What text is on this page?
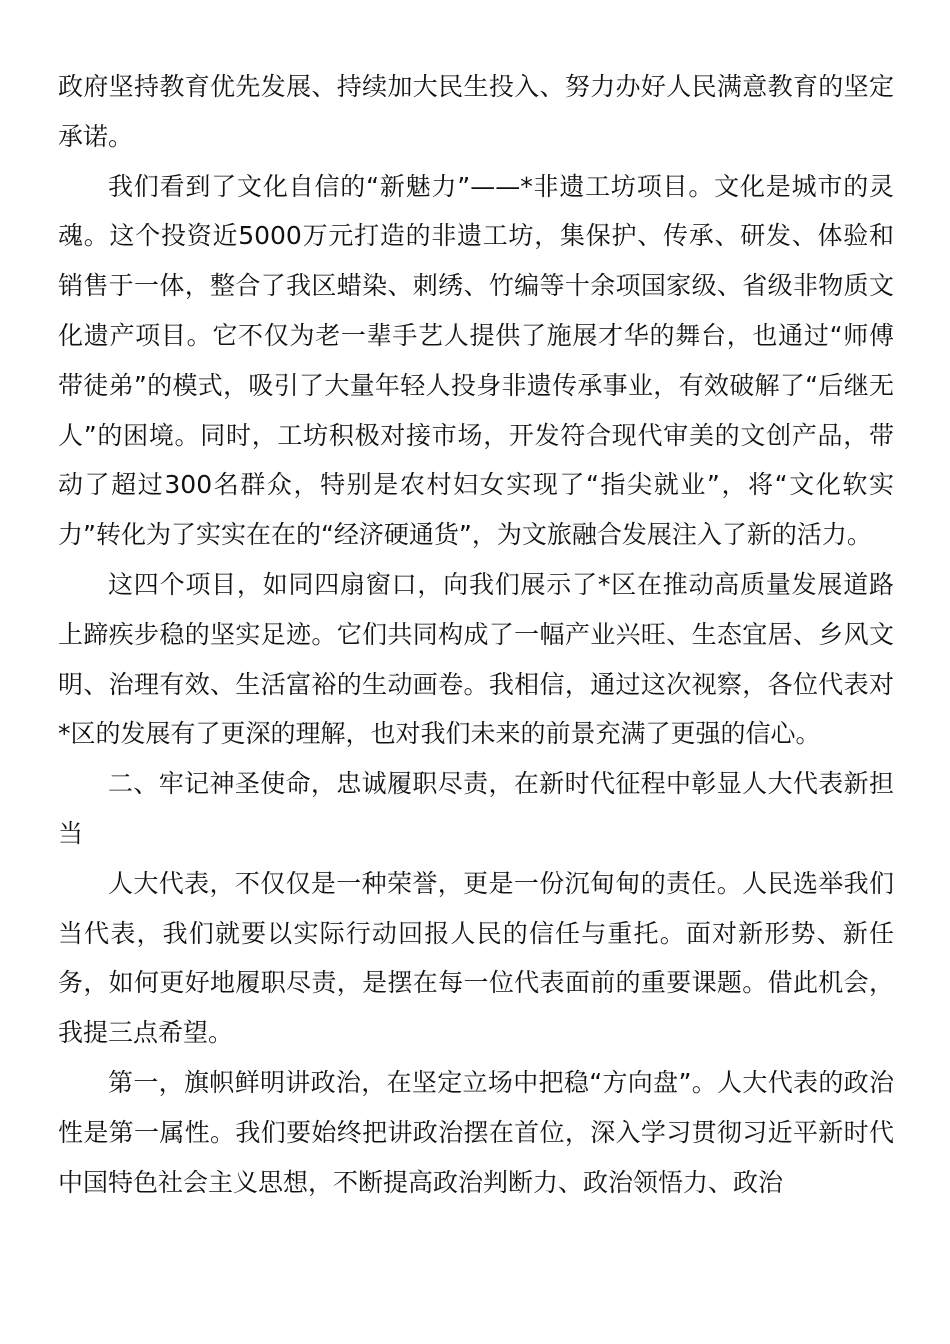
政府坚持教育优先发展、持续加大民生投入、努力办好人民满意教育的坚定承诺。

我们看到了文化自信的“新魅力”——*非遗工坊项目。文化是城市的灵魂。这个投资近5000万元打造的非遗工坊，集保护、传承、研发、体验和销售于一体，整合了我区蜡染、刺绣、竹编等十余项国家级、省级非物质文化遗产项目。它不仅为老一辈手艺人提供了施展才华的舞台，也通过“师傅带徒弟”的模式，吸引了大量年轻人投身非遗传承事业，有效破解了“后继无人”的困境。同时，工坊积极对接市场，开发符合现代审美的文创产品，带动了超过300名群众，特别是农村妇女实现了“指尖就业”，将“文化软实力”转化为了实实在在的“经济硬通货”，为文旅融合发展注入了新的活力。

这四个项目，如同四扇窗口，向我们展示了*区在推动高质量发展道路上蹄疾步稳的坚实足迹。它们共同构成了一幅产业兴旺、生态宜居、乡风文明、治理有效、生活富裕的生动画卷。我相信，通过这次视察，各位代表对*区的发展有了更深的理解，也对我们未来的前景充满了更强的信心。

二、牢记神圣使命，忠诚履职尽责，在新时代征程中彰显人大代表新担当

人大代表，不仅仅是一种荣誉，更是一份沉甸甸的责任。人民选举我们当代表，我们就要以实际行动回报人民的信任与重托。面对新形势、新任务，如何更好地履职尽责，是摆在每一位代表面前的重要课题。借此机会，我提三点希望。

第一，旗帜鲜明讲政治，在坚定立场中把稳“方向盘”。人大代表的政治性是第一属性。我们要始终把讲政治摆在首位，深入学习贯彻习近平新时代中国特色社会主义思想，不断提高政治判断力、政治领悟力、政治
